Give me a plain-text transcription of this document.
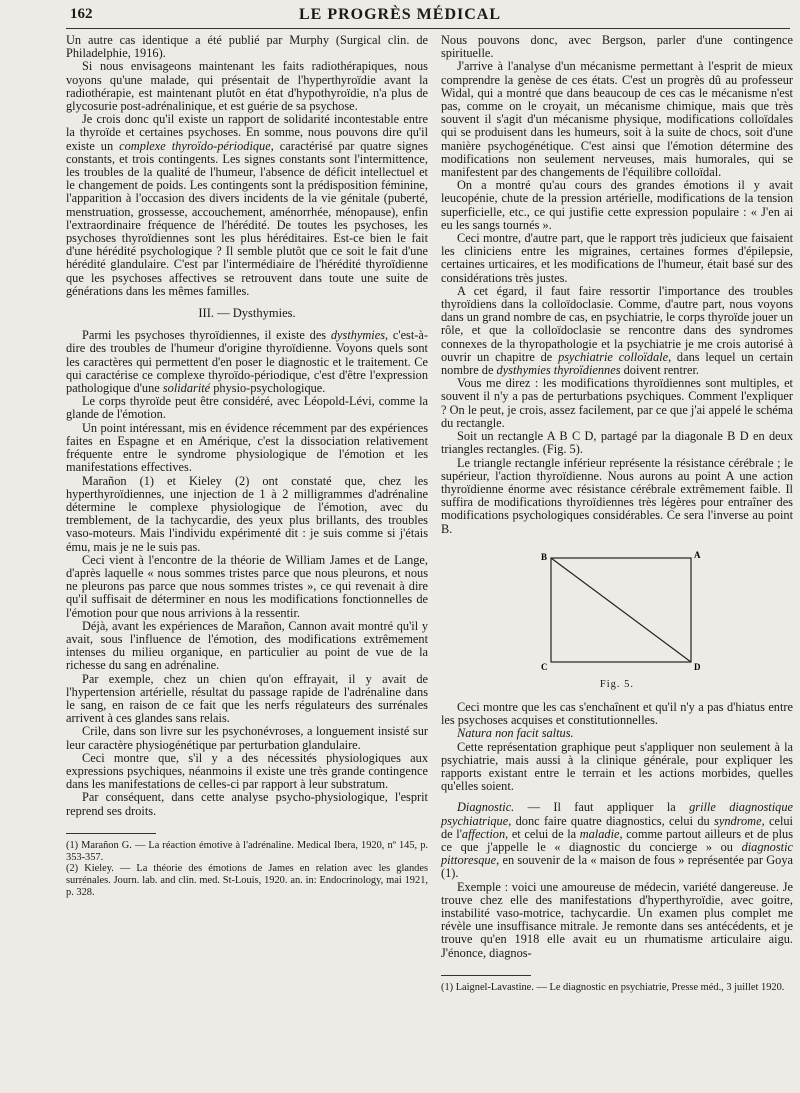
162	LE PROGRÈS MÉDICAL

Un autre cas identique a été publié par Murphy (Surgical clin. de Philadelphie, 1916).

Si nous envisageons maintenant les faits radiothérapiques, nous voyons qu'une malade, qui présentait de l'hyperthyroïdie avant la radiothérapie, est maintenant plutôt en état d'hypothyroïdie, n'a plus de glycosurie post-adrénalinique, et est guérie de sa psychose.

Je crois donc qu'il existe un rapport de solidarité incontestable entre la thyroïde et certaines psychoses. En somme, nous pouvons dire qu'il existe un complexe thyroïdo-périodique, caractérisé par quatre signes constants, et trois contingents. Les signes constants sont l'intermittence, les troubles de la qualité de l'humeur, l'absence de déficit intellectuel et le changement de poids. Les contingents sont la prédisposition féminine, l'apparition à l'occasion des divers incidents de la vie génitale (puberté, menstruation, grossesse, accouchement, aménorrhée, ménopause), enfin l'extraordinaire fréquence de l'hérédité. De toutes les psychoses, les psychoses thyroïdiennes sont les plus héréditaires. Est-ce bien le fait d'une hérédité psychologique ? Il semble plutôt que ce soit le fait d'une hérédité glandulaire. C'est par l'intermédiaire de l'hérédité thyroïdienne que les psychoses affectives se retrouvent dans toute une suite de générations dans les mêmes familles.

III. — Dysthymies.

Parmi les psychoses thyroïdiennes, il existe des dysthymies, c'est-à-dire des troubles de l'humeur d'origine thyroïdienne. Voyons quels sont les caractères qui permettent d'en poser le diagnostic et le traitement. Ce qui caractérise ce complexe thyroïdo-périodique, c'est d'être l'expression pathologique d'une solidarité physio-psychologique.

Le corps thyroïde peut être considéré, avec Léopold-Lévi, comme la glande de l'émotion.

Un point intéressant, mis en évidence récemment par des expériences faites en Espagne et en Amérique, c'est la dissociation relativement fréquente entre le syndrome physiologique de l'émotion et les manifestations effectives.

Marañon (1) et Kieley (2) ont constaté que, chez les hyperthyroïdiennes, une injection de 1 à 2 milligrammes d'adrénaline détermine le complexe physiologique de l'émotion, avec du tremblement, de la tachycardie, des yeux plus brillants, des troubles vaso-moteurs. Mais l'individu expérimenté dit : je suis comme si j'étais ému, mais je ne le suis pas.

Ceci vient à l'encontre de la théorie de William James et de Lange, d'après laquelle « nous sommes tristes parce que nous pleurons, et nous ne pleurons pas parce que nous sommes tristes », ce qui revenait à dire qu'il suffisait de déterminer en nous les modifications fonctionnelles de l'émotion pour que nous arrivions à la ressentir.

Déjà, avant les expériences de Marañon, Cannon avait montré qu'il y avait, sous l'influence de l'émotion, des modifications extrêmement intenses du milieu organique, en particulier au point de vue de la richesse du sang en adrénaline.

Par exemple, chez un chien qu'on effrayait, il y avait de l'hypertension artérielle, résultat du passage rapide de l'adrénaline dans le sang, en raison de ce fait que les nerfs régulateurs des surrénales arrivent à ces glandes sans relais.

Crile, dans son livre sur les psychonévroses, a longuement insisté sur leur caractère physiogénétique par perturbation glandulaire.

Ceci montre que, s'il y a des nécessités physiologiques aux expressions psychiques, néanmoins il existe une très grande contingence dans les manifestations de celles-ci par rapport à leur substratum.

Par conséquent, dans cette analyse psycho-physiologique, l'esprit reprend ses droits.

(1) Marañon G. — La réaction émotive à l'adrénaline. Medical Ibera, 1920, nº 145, p. 353-357.

(2) Kieley. — La théorie des émotions de James en relation avec les glandes surrénales. Journ. lab. and clin. med. St-Louis, 1920. an. in: Endocrinology, mai 1921, p. 328.

Nous pouvons donc, avec Bergson, parler d'une contingence spirituelle.

J'arrive à l'analyse d'un mécanisme permettant à l'esprit de mieux comprendre la genèse de ces états. C'est un progrès dû au professeur Widal, qui a montré que dans beaucoup de ces cas le mécanisme n'est pas, comme on le croyait, un mécanisme chimique, mais que très souvent il s'agit d'un mécanisme physique, modifications colloïdales qui se produisent dans les humeurs, soit à la suite de chocs, soit d'une manière psychogénétique. C'est ainsi que l'émotion détermine des modifications non seulement nerveuses, mais humorales, qui se manifestent par des changements de l'équilibre colloïdal.

On a montré qu'au cours des grandes émotions il y avait leucopénie, chute de la pression artérielle, modifications de la tension superficielle, etc., ce qui justifie cette expression populaire : « J'en ai eu les sangs tournés ».

Ceci montre, d'autre part, que le rapport très judicieux que faisaient les cliniciens entre les migraines, certaines formes d'épilepsie, certaines urticaires, et les modifications de l'humeur, était basé sur des considérations très justes.

A cet égard, il faut faire ressortir l'importance des troubles thyroïdiens dans la colloïdoclasie. Comme, d'autre part, nous voyons dans un grand nombre de cas, en psychiatrie, le corps thyroïde jouer un rôle, et que la colloïdoclasie se rencontre dans des syndromes connexes de la thyropathologie et la psychiatrie je me crois autorisé à ouvrir un chapitre de psychiatrie colloïdale, dans lequel un certain nombre de dysthymies thyroïdiennes doivent rentrer.

Vous me direz : les modifications thyroïdiennes sont multiples, et souvent il n'y a pas de perturbations psychiques. Comment l'expliquer ? On le peut, je crois, assez facilement, par ce que j'ai appelé le schéma du rectangle.

Soit un rectangle A B C D, partagé par la diagonale B D en deux triangles rectangles. (Fig. 5).

Le triangle rectangle inférieur représente la résistance cérébrale ; le supérieur, l'action thyroïdienne. Nous aurons au point A une action thyroïdienne énorme avec résistance cérébrale extrêmement faible. Il suffira de modifications thyroïdiennes très légères pour entraîner des modifications psychologiques considérables. Ce sera l'inverse au point B.

B	A
C	D
Fig. 5.

Ceci montre que les cas s'enchaînent et qu'il n'y a pas d'hiatus entre les psychoses acquises et constitutionnelles.

Natura non facit saltus.

Cette représentation graphique peut s'appliquer non seulement à la psychiatrie, mais aussi à la clinique générale, pour expliquer les rapports existant entre le terrain et les actions morbides, quelles qu'elles soient.

Diagnostic. — Il faut appliquer la grille diagnostique psychiatrique, donc faire quatre diagnostics, celui du syndrome, celui de l'affection, et celui de la maladie, comme partout ailleurs et de plus ce que j'appelle le « diagnostic du concierge » ou diagnostic pittoresque, en souvenir de la « maison de fous » représentée par Goya (1).

Exemple : voici une amoureuse de médecin, variété dangereuse. Je trouve chez elle des manifestations d'hyperthyroïdie, avec goitre, instabilité vaso-motrice, tachycardie. Un examen plus complet me révèle une insuffisance mitrale. Je remonte dans ses antécédents, et je trouve qu'en 1918 elle avait eu un rhumatisme articulaire aigu. J'énonce, diagnos-

(1) Laignel-Lavastine. — Le diagnostic en psychiatrie, Presse méd., 3 juillet 1920.
